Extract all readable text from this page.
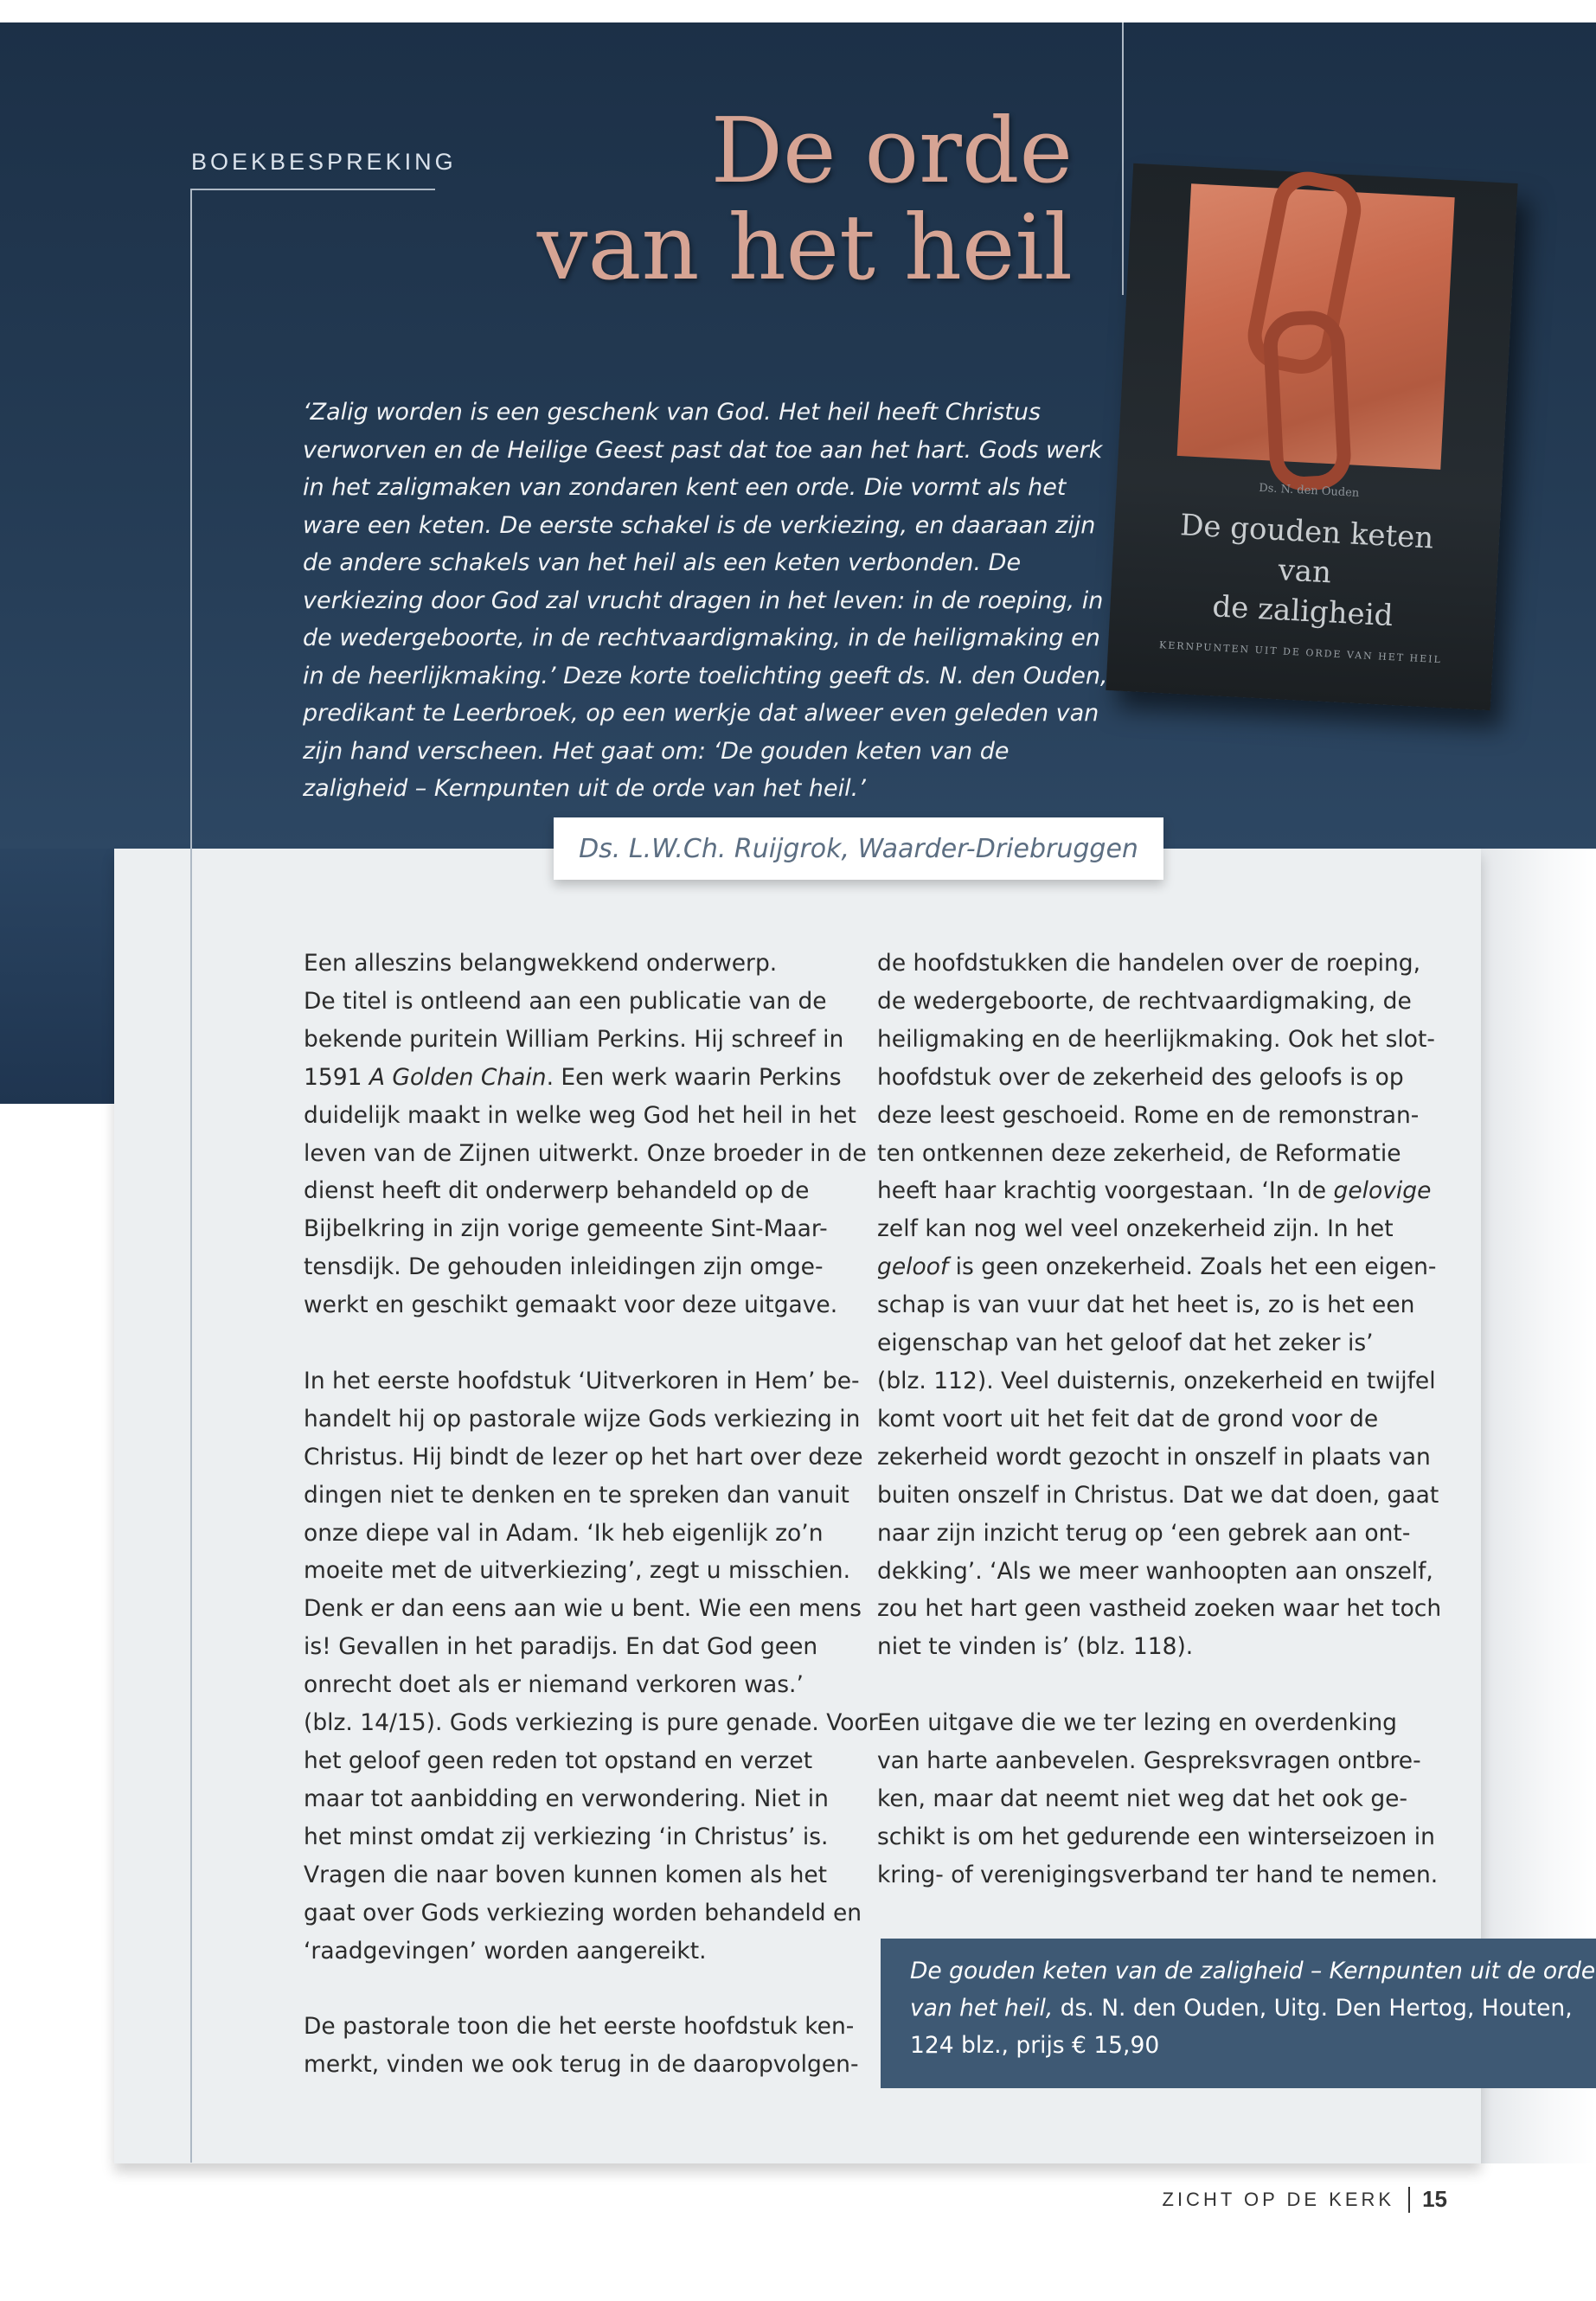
BOEKBESPREKING	De orde
van het heil
Ds. N. den Ouden
De gouden keten
van
de zaligheid
KERNPUNTEN UIT DE ORDE VAN HET HEIL

‘Zalig worden is een geschenk van God. Het heil heeft Christus verworven en de Heilige Geest past dat toe aan het hart. Gods werk in het zaligmaken van zondaren kent een orde. Die vormt als het ware een keten. De eerste schakel is de verkiezing, en daaraan zijn de andere schakels van het heil als een keten verbonden. De verkiezing door God zal vrucht dragen in het leven: in de roeping, in de wedergeboorte, in de rechtvaardigmaking, in de heiligmaking en in de heerlijkmaking.’ Deze korte toelichting geeft ds. N. den Ouden, predikant te Leerbroek, op een werkje dat alweer even geleden van zijn hand verscheen. Het gaat om: ‘De gouden keten van de zaligheid – Kernpunten uit de orde van het heil.’

Ds. L.W.Ch. Ruijgrok, Waarder-Driebruggen

Een alleszins belangwekkend onderwerp.
De titel is ontleend aan een publicatie van de
bekende puritein William Perkins. Hij schreef in
1591 A Golden Chain. Een werk waarin Perkins
duidelijk maakt in welke weg God het heil in het
leven van de Zijnen uitwerkt. Onze broeder in de
dienst heeft dit onderwerp behandeld op de
Bijbelkring in zijn vorige gemeente Sint-Maar-
tensdijk. De gehouden inleidingen zijn omge-
werkt en geschikt gemaakt voor deze uitgave.

In het eerste hoofdstuk ‘Uitverkoren in Hem’ be-
handelt hij op pastorale wijze Gods verkiezing in
Christus. Hij bindt de lezer op het hart over deze
dingen niet te denken en te spreken dan vanuit
onze diepe val in Adam. ‘Ik heb eigenlijk zo’n
moeite met de uitverkiezing’, zegt u misschien.
Denk er dan eens aan wie u bent. Wie een mens
is! Gevallen in het paradijs. En dat God geen
onrecht doet als er niemand verkoren was.’
(blz. 14/15). Gods verkiezing is pure genade. Voor
het geloof geen reden tot opstand en verzet
maar tot aanbidding en verwondering. Niet in
het minst omdat zij verkiezing ‘in Christus’ is.
Vragen die naar boven kunnen komen als het
gaat over Gods verkiezing worden behandeld en
‘raadgevingen’ worden aangereikt.

De pastorale toon die het eerste hoofdstuk ken-
merkt, vinden we ook terug in de daaropvolgen-

de hoofdstukken die handelen over de roeping,
de wedergeboorte, de rechtvaardigmaking, de
heiligmaking en de heerlijkmaking. Ook het slot-
hoofdstuk over de zekerheid des geloofs is op
deze leest geschoeid. Rome en de remonstran-
ten ontkennen deze zekerheid, de Reformatie
heeft haar krachtig voorgestaan. ‘In de gelovige
zelf kan nog wel veel onzekerheid zijn. In het
geloof is geen onzekerheid. Zoals het een eigen-
schap is van vuur dat het heet is, zo is het een
eigenschap van het geloof dat het zeker is’
(blz. 112). Veel duisternis, onzekerheid en twijfel
komt voort uit het feit dat de grond voor de
zekerheid wordt gezocht in onszelf in plaats van
buiten onszelf in Christus. Dat we dat doen, gaat
naar zijn inzicht terug op ‘een gebrek aan ont-
dekking’. ‘Als we meer wanhoopten aan onszelf,
zou het hart geen vastheid zoeken waar het toch
niet te vinden is’ (blz. 118).

Een uitgave die we ter lezing en overdenking
van harte aanbevelen. Gespreksvragen ontbre-
ken, maar dat neemt niet weg dat het ook ge-
schikt is om het gedurende een winterseizoen in
kring- of verenigingsverband ter hand te nemen.

De gouden keten van de zaligheid – Kernpunten uit de orde
van het heil, ds. N. den Ouden, Uitg. Den Hertog, Houten,
124 blz., prijs € 15,90
ZICHT OP DE KERK 15
